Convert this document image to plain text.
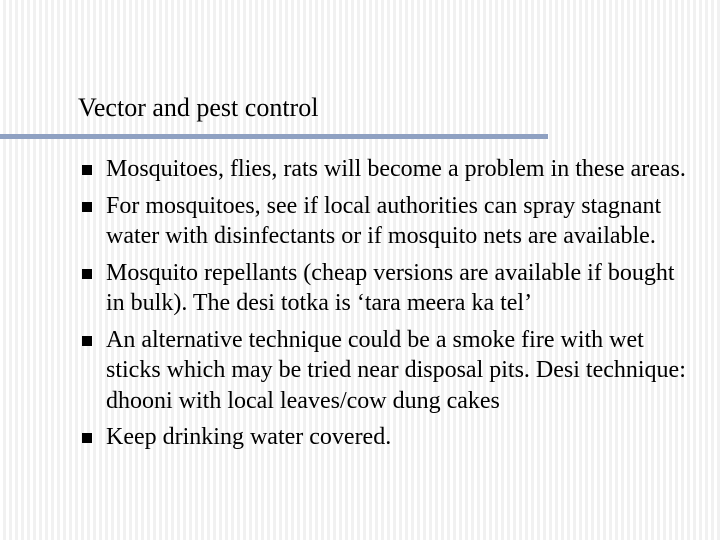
Vector and pest control
Mosquitoes, flies, rats will become a problem in these areas.
For mosquitoes, see if local authorities can spray stagnant water with disinfectants or if mosquito nets are available.
Mosquito repellants (cheap versions are available if bought in bulk). The desi totka is ‘tara meera ka tel’
An alternative technique could be a smoke fire with wet sticks which may be tried near disposal pits. Desi technique: dhooni with local leaves/cow dung cakes
Keep drinking water covered.
